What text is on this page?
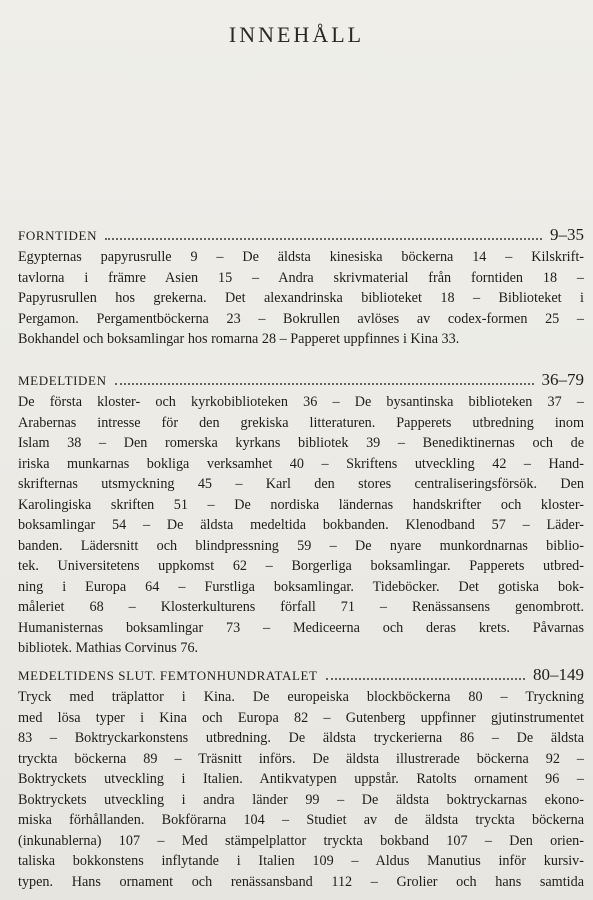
INNEHÅLL
FORNTIDEN	9–35
Egypternas papyrusrulle 9 – De äldsta kinesiska böckerna 14 – Kilskrift-
tavlorna i främre Asien 15 – Andra skrivmaterial från forntiden 18 –
Papyrusrullen hos grekerna. Det alexandrinska biblioteket 18 – Biblioteket i
Pergamon. Pergamentböckerna 23 – Bokrullen avlöses av codex-formen 25 –
Bokhandel och boksamlingar hos romarna 28 – Papperet uppfinnes i Kina 33.
MEDELTIDEN	36–79
De första kloster- och kyrkobiblioteken 36 – De bysantinska biblioteken 37 –
Arabernas intresse för den grekiska litteraturen. Papperets utbredning inom
Islam 38 – Den romerska kyrkans bibliotek 39 – Benediktinernas och de
iriska munkarnas bokliga verksamhet 40 – Skriftens utveckling 42 – Hand-
skrifternas utsmyckning 45 – Karl den stores centraliseringsförsök. Den
Karolingiska skriften 51 – De nordiska ländernas handskrifter och kloster-
boksamlingar 54 – De äldsta medeltida bokbanden. Klenodband 57 – Läder-
banden. Lädersnitt och blindpressning 59 – De nyare munkordnarnas biblio-
tek. Universitetens uppkomst 62 – Borgerliga boksamlingar. Papperets utbred-
ning i Europa 64 – Furstliga boksamlingar. Tideböcker. Det gotiska bok-
måleriet 68 – Klosterkulturens förfall 71 – Renässansens genombrott.
Humanisternas boksamlingar 73 – Mediceerna och deras krets. Påvarnas
bibliotek. Mathias Corvinus 76.
MEDELTIDENS SLUT. FEMTONHUNDRATALET	80–149
Tryck med träplattor i Kina. De europeiska blockböckerna 80 – Tryckning
med lösa typer i Kina och Europa 82 – Gutenberg uppfinner gjutinstrumentet
83 – Boktryckarkonstens utbredning. De äldsta tryckerierna 86 – De äldsta
tryckta böckerna 89 – Träsnitt införs. De äldsta illustrerade böckerna 92 –
Boktryckets utveckling i Italien. Antikvatypen uppstår. Ratolts ornament 96 –
Boktryckets utveckling i andra länder 99 – De äldsta boktryckarnas ekono-
miska förhållanden. Bokförarna 104 – Studiet av de äldsta tryckta böckerna
(inkunablerna) 107 – Med stämpelplattor tryckta bokband 107 – Den orien-
taliska bokkonstens inflytande i Italien 109 – Aldus Manutius inför kursiv-
typen. Hans ornament och renässansband 112 – Grolier och hans samtida
